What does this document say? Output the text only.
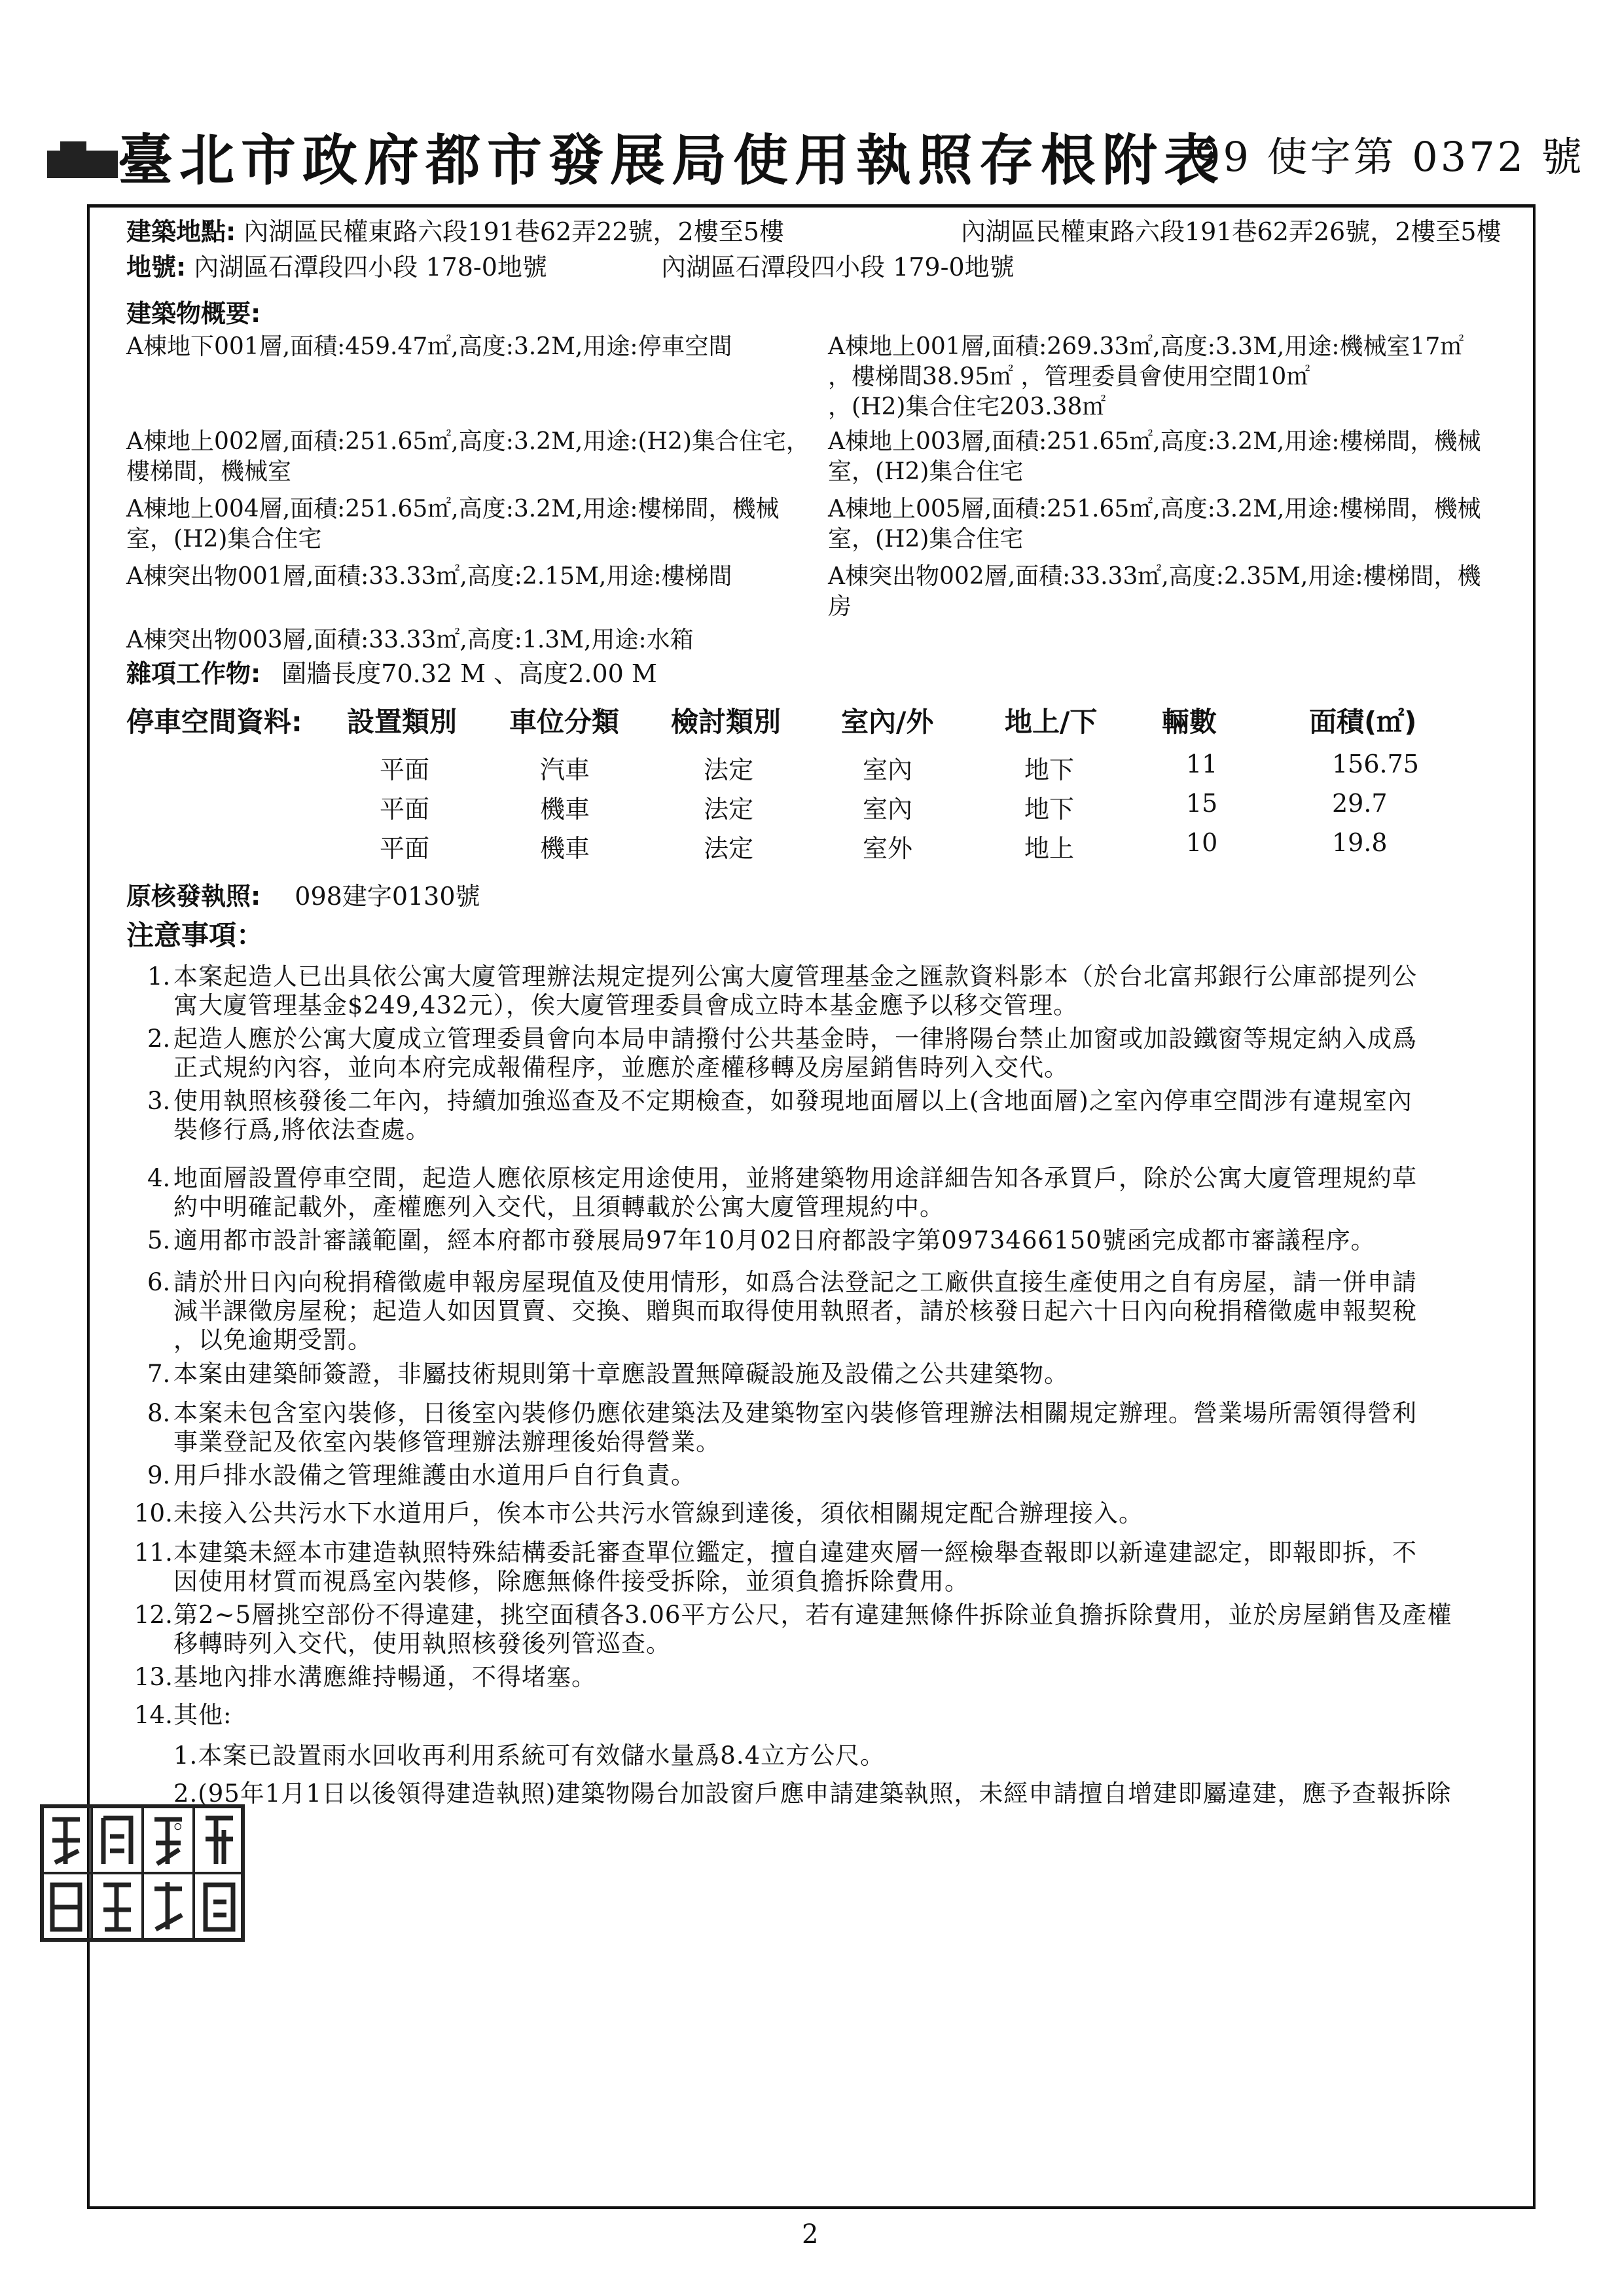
臺北市政府都市發展局使用執照存根附表
99 使字第 0372 號
建築地點: 內湖區民權東路六段191巷62弄22號，2樓至5樓	內湖區民權東路六段191巷62弄26號，2樓至5樓
地號: 內湖區石潭段四小段 178-0地號	內湖區石潭段四小段 179-0地號
建築物概要:
A棟地下001層,面積:459.47㎡,高度:3.2M,用途:停車空間
A棟地上002層,面積:251.65㎡,高度:3.2M,用途:(H2)集合住宅，
樓梯間，機械室
A棟地上004層,面積:251.65㎡,高度:3.2M,用途:樓梯間，機械
室，(H2)集合住宅
A棟突出物001層,面積:33.33㎡,高度:2.15M,用途:樓梯間
A棟突出物003層,面積:33.33㎡,高度:1.3M,用途:水箱
A棟地上001層,面積:269.33㎡,高度:3.3M,用途:機械室17㎡
，樓梯間38.95㎡ ，管理委員會使用空間10㎡
，(H2)集合住宅203.38㎡
A棟地上003層,面積:251.65㎡,高度:3.2M,用途:樓梯間，機械
室，(H2)集合住宅
A棟地上005層,面積:251.65㎡,高度:3.2M,用途:樓梯間，機械
室，(H2)集合住宅
A棟突出物002層,面積:33.33㎡,高度:2.35M,用途:樓梯間，機
房
雜項工作物: 圍牆長度70.32 M 、高度2.00 M
停車空間資料: 設置類別 車位分類 檢討類別 室內/外	地上/下 輛數	面積(㎡)
平面	汽車	法定	室內	地下	11	156.75
平面	機車	法定	室內	地下	15	29.7
平面	機車	法定	室外	地上	10	19.8
原核發執照: 098建字0130號
注意事項：
1. 本案起造人已出具依公寓大廈管理辦法規定提列公寓大廈管理基金之匯款資料影本（於台北富邦銀行公庫部提列公
寓大廈管理基金$249,432元），俟大廈管理委員會成立時本基金應予以移交管理。
2. 起造人應於公寓大廈成立管理委員會向本局申請撥付公共基金時，一律將陽台禁止加窗或加設鐵窗等規定納入成爲
正式規約內容，並向本府完成報備程序，並應於產權移轉及房屋銷售時列入交代。
3. 使用執照核發後二年內，持續加強巡查及不定期檢查，如發現地面層以上(含地面層)之室內停車空間涉有違規室內
裝修行爲,將依法查處。
4. 地面層設置停車空間，起造人應依原核定用途使用，並將建築物用途詳細告知各承買戶，除於公寓大廈管理規約草
約中明確記載外，產權應列入交代，且須轉載於公寓大廈管理規約中。
5. 適用都市設計審議範圍，經本府都市發展局97年10月02日府都設字第0973466150號函完成都市審議程序。
6. 請於卅日內向稅捐稽徵處申報房屋現值及使用情形，如爲合法登記之工廠供直接生產使用之自有房屋，請一併申請
減半課徵房屋稅；起造人如因買賣、交換、贈與而取得使用執照者，請於核發日起六十日內向稅捐稽徵處申報契稅
，以免逾期受罰。
7. 本案由建築師簽證，非屬技術規則第十章應設置無障礙設施及設備之公共建築物。
8. 本案未包含室內裝修，日後室內裝修仍應依建築法及建築物室內裝修管理辦法相關規定辦理。營業場所需領得營利
事業登記及依室內裝修管理辦法辦理後始得營業。
9. 用戶排水設備之管理維護由水道用戶自行負責。
10. 未接入公共污水下水道用戶，俟本市公共污水管線到達後，須依相關規定配合辦理接入。
11. 本建築未經本市建造執照特殊結構委託審查單位鑑定，擅自違建夾層一經檢舉查報即以新違建認定，即報即拆，不
因使用材質而視爲室內裝修，除應無條件接受拆除，並須負擔拆除費用。
12. 第2~5層挑空部份不得違建，挑空面積各3.06平方公尺，若有違建無條件拆除並負擔拆除費用，並於房屋銷售及產權
移轉時列入交代，使用執照核發後列管巡查。
13. 基地內排水溝應維持暢通，不得堵塞。
14. 其他:
1.本案已設置雨水回收再利用系統可有效儲水量爲8.4立方公尺。
2.(95年1月1日以後領得建造執照)建築物陽台加設窗戶應申請建築執照，未經申請擅自增建即屬違建，應予查報拆除
。
2
